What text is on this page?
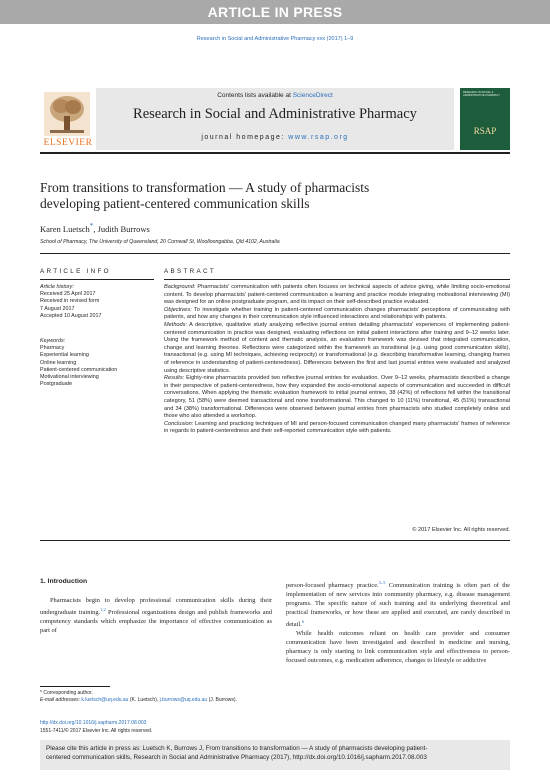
ARTICLE IN PRESS
Research in Social and Administrative Pharmacy xxx (2017) 1–9
Contents lists available at ScienceDirect
Research in Social and Administrative Pharmacy
journal homepage: www.rsap.org
ELSEVIER
RESEARCH IN SOCIAL & ADMINISTRATIVE PHARMACY
RSAP
From transitions to transformation — A study of pharmacists
developing patient-centered communication skills
Karen Luetsch*, Judith Burrows
School of Pharmacy, The University of Queensland, 20 Cornwall St, Woolloongabba, Qld 4102, Australia
ARTICLE INFO	ABSTRACT
Article history:
Received 25 April 2017
Received in revised form
7 August 2017
Accepted 10 August 2017
Keywords:
Pharmacy
Experiential learning
Online learning
Patient-centered communication
Motivational interviewing
Postgraduate

Background: Pharmacists' communication with patients often focuses on technical aspects of advice giving, while limiting socio-emotional content. To develop pharmacists' patient-centered communication a learning and practice module integrating motivational interviewing (MI) was designed for an online postgraduate program, and its impact on their self-described practice evaluated.

Objectives: To investigate whether training in patient-centered communication changes pharmacists' perceptions of communicating with patients, and how any changes in their communication style influenced interactions and relationships with patients.

Methods: A descriptive, qualitative study analyzing reflective journal entries detailing pharmacists' experiences of implementing patient-centered communication in practice was designed, evaluating reflections on initial patient interactions after training and 9–12 weeks later. Using the framework method of content and thematic analysis, an evaluation framework was devised that integrated communication, change and learning theories. Reflections were categorized within the framework as transitional (e.g. using good communication skills), transactional (e.g. using MI techniques, achieving reciprocity) or transformational (e.g. describing transformative learning, changing frames of reference in understanding of patient-centeredness). Differences between the first and last journal entries were evaluated and analyzed using descriptive statistics.

Results: Eighty-nine pharmacists provided two reflective journal entries for evaluation. Over 9–12 weeks, pharmacists described a change in their perspective of patient-centeredness, how they expanded the socio-emotional aspects of communication and succeeded in difficult conversations. When applying the thematic evaluation framework to initial journal entries, 38 (42%) of reflections fell within the transitional category, 51 (58%) were deemed transactional and none transformational. This changed to 10 (11%) transitional, 45 (51%) transactional and 34 (38%) transformational. Differences were observed between journal entries from pharmacists who studied completely online and those who also attended a workshop.

Conclusion: Learning and practicing techniques of MI and person-focused communication changed many pharmacists' frames of reference in regards to patient-centeredness and their self-reported communication style with patients.

© 2017 Elsevier Inc. All rights reserved.
1. Introduction

Pharmacists begin to develop professional communication skills during their undergraduate training.$^{1,2}$ Professional organizations design and publish frameworks and competency standards which emphasize the importance of effective communication as part of

person-focused pharmacy practice.$^{3-5}$ Communication training is often part of the implementation of new services into community pharmacy, e.g. disease management programs. The specific nature of such training and its underlying theoretical and practical frameworks, or how these are applied and executed, are rarely described in detail.$^6$

While health outcomes reliant on health care provider and consumer communication have been investigated and described in medicine and nursing, pharmacy is only starting to link communication style and effectiveness to person-focused outcomes, e.g. medication adherence, changes to lifestyle or addictive

* Corresponding author.
E-mail addresses: k.luetsch@uq.edu.au (K. Luetsch), j.burrows@uq.edu.au (J. Burrows).
http://dx.doi.org/10.1016/j.sapharm.2017.08.003
1551-7411/© 2017 Elsevier Inc. All rights reserved.
Please cite this article in press as: Luetsch K, Burrows J, From transitions to transformation — A study of pharmacists developing patient-
centered communication skills, Research in Social and Administrative Pharmacy (2017), http://dx.doi.org/10.1016/j.sapharm.2017.08.003
